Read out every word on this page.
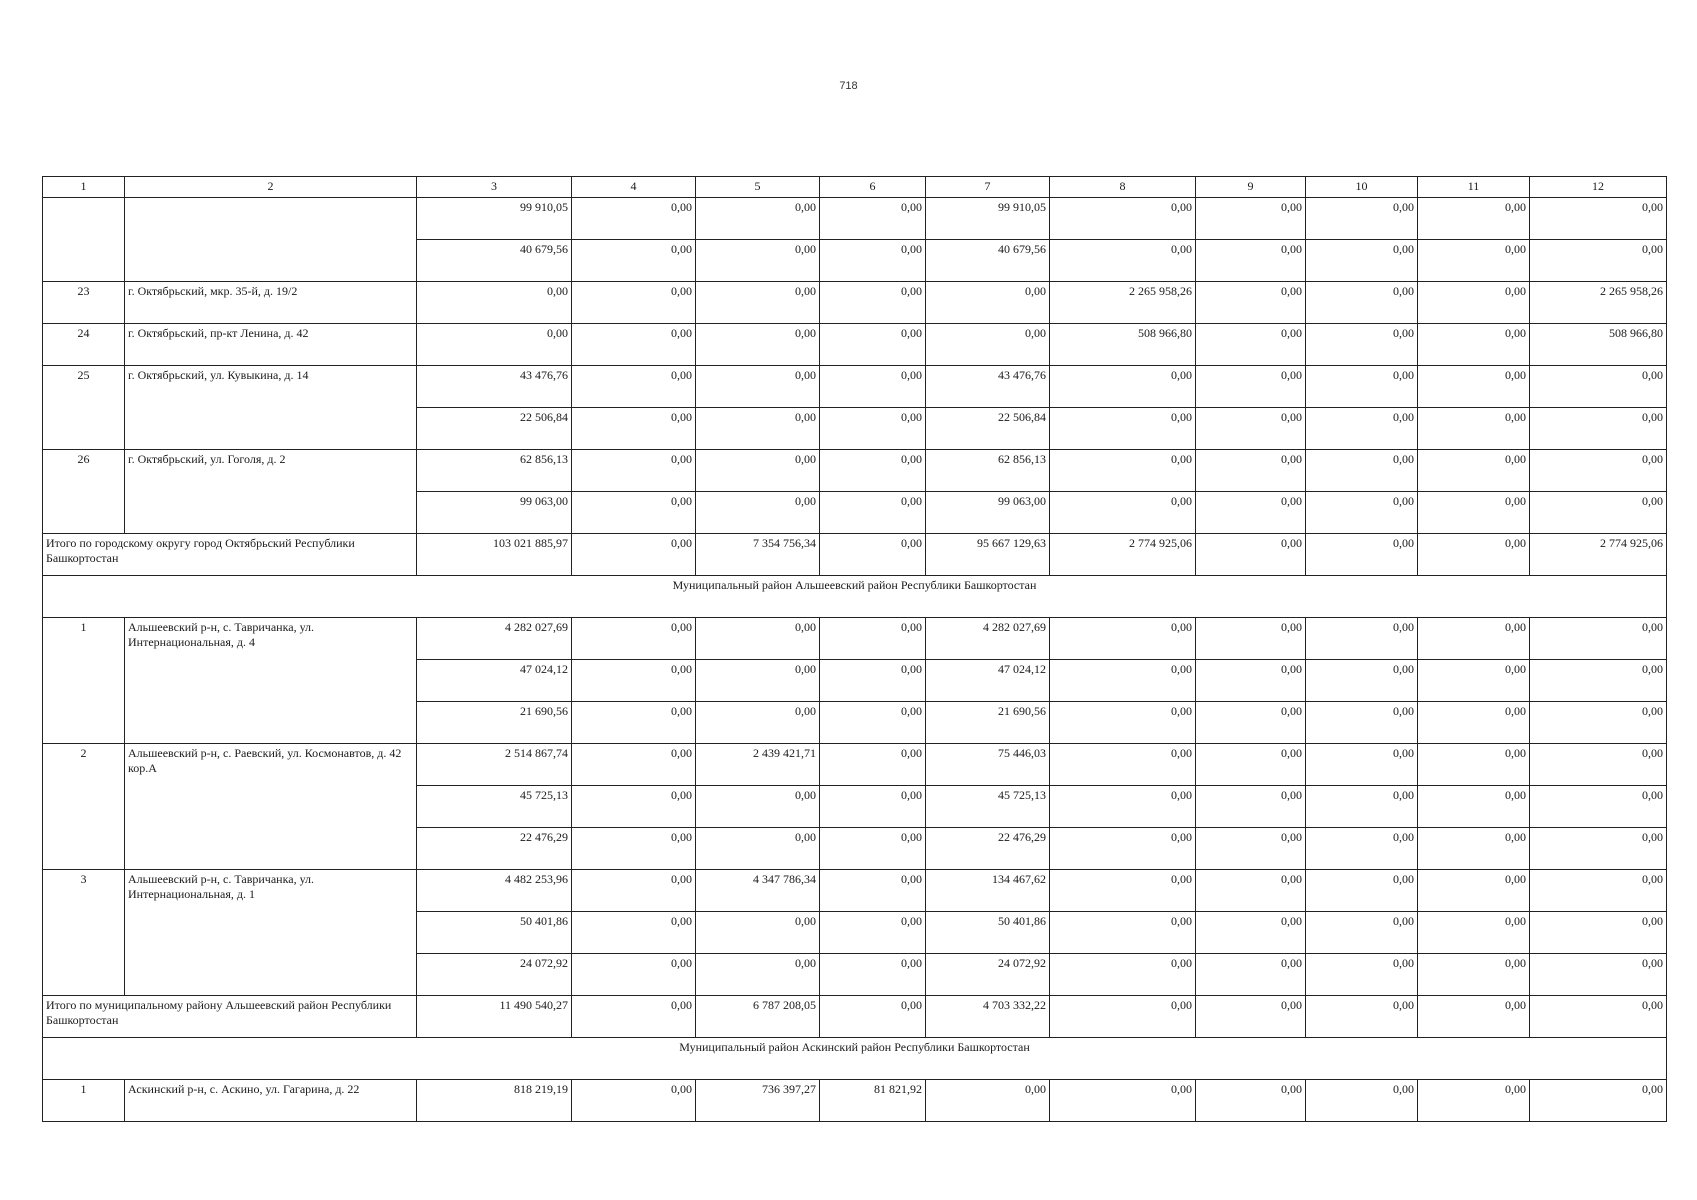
718
1	2	3	4	5	6	7	8	9	10	11	12
		99 910,05	0,00	0,00	0,00	99 910,05	0,00	0,00	0,00	0,00	0,00
		40 679,56	0,00	0,00	0,00	40 679,56	0,00	0,00	0,00	0,00	0,00
23	г. Октябрьский, мкр. 35-й, д. 19/2	0,00	0,00	0,00	0,00	0,00	2 265 958,26	0,00	0,00	0,00	2 265 958,26
24	г. Октябрьский, пр-кт Ленина, д. 42	0,00	0,00	0,00	0,00	0,00	508 966,80	0,00	0,00	0,00	508 966,80
25	г. Октябрьский, ул. Кувыкина, д. 14	43 476,76	0,00	0,00	0,00	43 476,76	0,00	0,00	0,00	0,00	0,00
		22 506,84	0,00	0,00	0,00	22 506,84	0,00	0,00	0,00	0,00	0,00
26	г. Октябрьский, ул. Гоголя, д. 2	62 856,13	0,00	0,00	0,00	62 856,13	0,00	0,00	0,00	0,00	0,00
		99 063,00	0,00	0,00	0,00	99 063,00	0,00	0,00	0,00	0,00	0,00
Итого по городскому округу город Октябрьский Республики Башкортостан		103 021 885,97	0,00	7 354 756,34	0,00	95 667 129,63	2 774 925,06	0,00	0,00	0,00	2 774 925,06
Муниципальный район Альшеевский район Республики Башкортостан											
1	Альшеевский р-н, с. Тавричанка, ул. Интернациональная, д. 4	4 282 027,69	0,00	0,00	0,00	4 282 027,69	0,00	0,00	0,00	0,00	0,00
		47 024,12	0,00	0,00	0,00	47 024,12	0,00	0,00	0,00	0,00	0,00
		21 690,56	0,00	0,00	0,00	21 690,56	0,00	0,00	0,00	0,00	0,00
2	Альшеевский р-н, с. Раевский, ул. Космонавтов, д. 42 кор.А	2 514 867,74	0,00	2 439 421,71	0,00	75 446,03	0,00	0,00	0,00	0,00	0,00
		45 725,13	0,00	0,00	0,00	45 725,13	0,00	0,00	0,00	0,00	0,00
		22 476,29	0,00	0,00	0,00	22 476,29	0,00	0,00	0,00	0,00	0,00
3	Альшеевский р-н, с. Тавричанка, ул. Интернациональная, д. 1	4 482 253,96	0,00	4 347 786,34	0,00	134 467,62	0,00	0,00	0,00	0,00	0,00
		50 401,86	0,00	0,00	0,00	50 401,86	0,00	0,00	0,00	0,00	0,00
		24 072,92	0,00	0,00	0,00	24 072,92	0,00	0,00	0,00	0,00	0,00
Итого по муниципальному району Альшеевский район Республики Башкортостан		11 490 540,27	0,00	6 787 208,05	0,00	4 703 332,22	0,00	0,00	0,00	0,00	0,00
Муниципальный район Аскинский район Республики Башкортостан											
1	Аскинский р-н, с. Аскино, ул. Гагарина, д. 22	818 219,19	0,00	736 397,27	81 821,92	0,00	0,00	0,00	0,00	0,00	0,00
